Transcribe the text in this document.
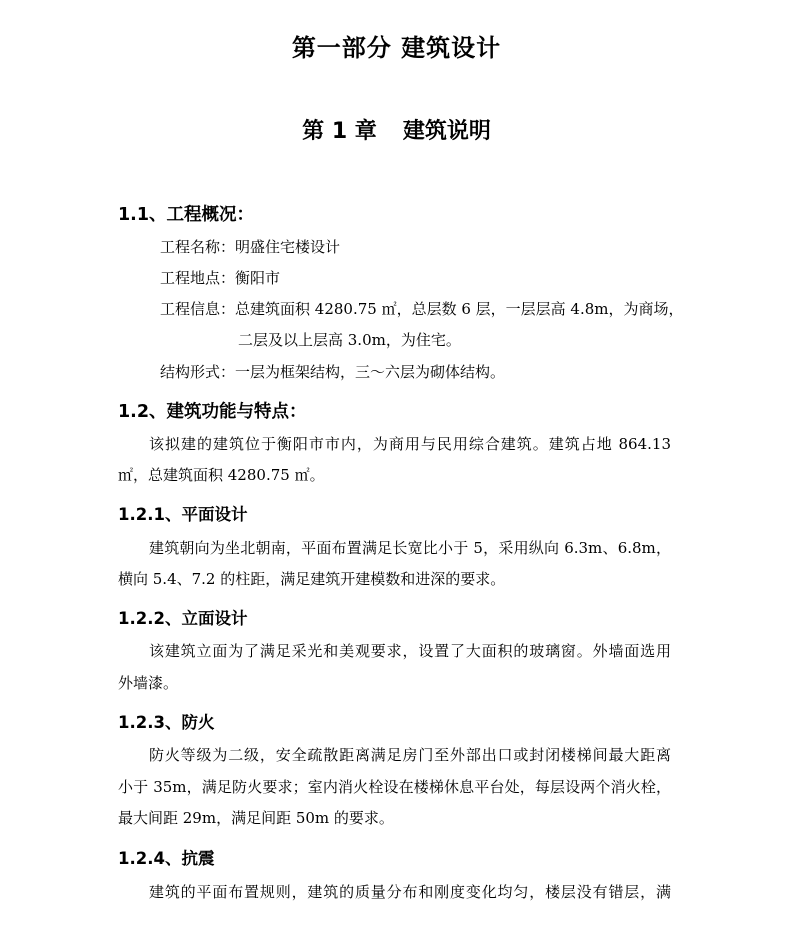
第一部分 建筑设计
第 1 章 建筑说明
1.1、工程概况：
工程名称：明盛住宅楼设计
工程地点：衡阳市
工程信息：总建筑面积 4280.75 ㎡，总层数 6 层，一层层高 4.8m，为商场，
二层及以上层高 3.0m，为住宅。
结构形式：一层为框架结构，三～六层为砌体结构。
1.2、建筑功能与特点：
该拟建的建筑位于衡阳市市内，为商用与民用综合建筑。建筑占地 864.13
㎡，总建筑面积 4280.75 ㎡。
1.2.1、平面设计
建筑朝向为坐北朝南，平面布置满足长宽比小于 5，采用纵向 6.3m、6.8m，
横向 5.4、7.2 的柱距，满足建筑开建模数和进深的要求。
1.2.2、立面设计
该建筑立面为了满足采光和美观要求，设置了大面积的玻璃窗。外墙面选用
外墙漆。
1.2.3、防火
防火等级为二级，安全疏散距离满足房门至外部出口或封闭楼梯间最大距离
小于 35m，满足防火要求；室内消火栓设在楼梯休息平台处，每层设两个消火栓，
最大间距 29m，满足间距 50m 的要求。
1.2.4、抗震
建筑的平面布置规则，建筑的质量分布和刚度变化均匀，楼层没有错层，满
